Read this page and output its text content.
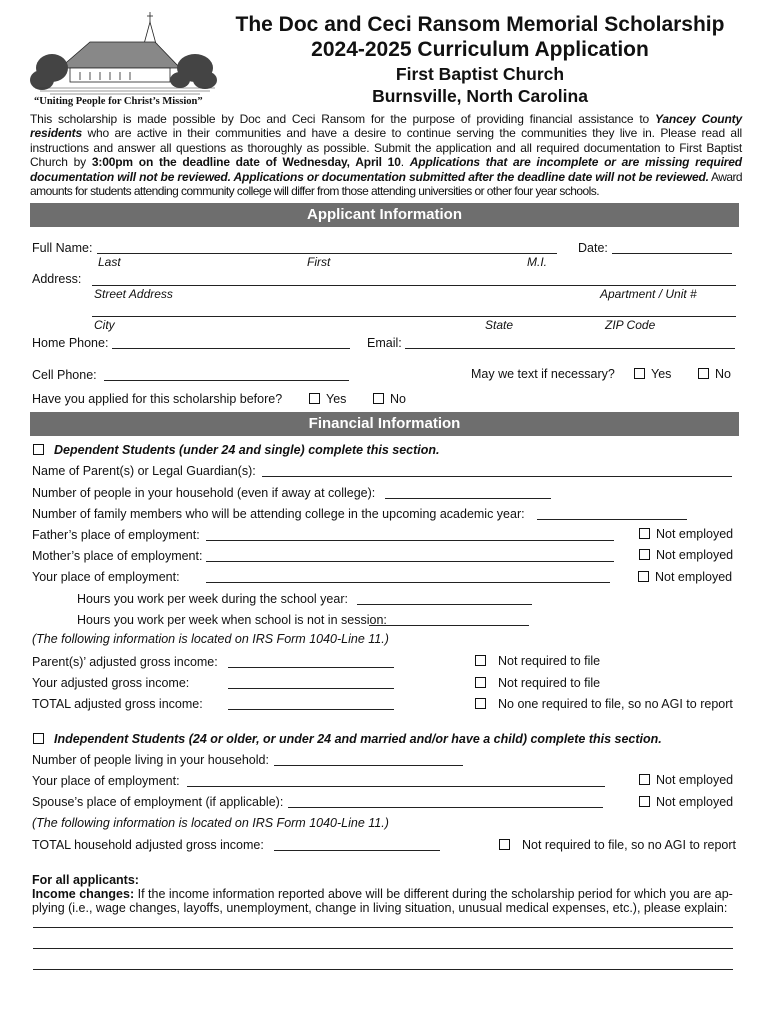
“Uniting People for Christ’s Mission”
The Doc and Ceci Ransom Memorial Scholarship
2024-2025 Curriculum Application
First Baptist Church
Burnsville, North Carolina
This scholarship is made possible by Doc and Ceci Ransom for the purpose of providing financial assistance to Yancey County residents who are active in their communities and have a desire to continue serving the communities they live in. Please read all instructions and answer all questions as thoroughly as possible. Submit the application and all required documentation to First Baptist Church by 3:00pm on the deadline date of Wednesday, April 10. Applications that are incomplete or are missing required documentation will not be reviewed. Applications or documentation submitted after the deadline date will not be reviewed. Award amounts for students attending community college will differ from those attending universities or other four year schools.
Applicant Information
Full Name:	Date:
Last	First	M.I.
Address:
Street Address	Apartment / Unit #
City	State	ZIP Code
Home Phone:	Email:
Cell Phone:	May we text if necessary?	Yes	No
Have you applied for this scholarship before?	Yes	No
Financial Information
Dependent Students (under 24 and single) complete this section.
Name of Parent(s) or Legal Guardian(s):
Number of people in your household (even if away at college):
Number of family members who will be attending college in the upcoming academic year:
Father’s place of employment:	Not employed
Mother’s place of employment:	Not employed
Your place of employment:	Not employed
Hours you work per week during the school year:
Hours you work per week when school is not in session:
(The following information is located on IRS Form 1040-Line 11.)
Parent(s)’ adjusted gross income:	Not required to file
Your adjusted gross income:	Not required to file
TOTAL adjusted gross income:	No one required to file, so no AGI to report
Independent Students (24 or older, or under 24 and married and/or have a child) complete this section.
Number of people living in your household:
Your place of employment:	Not employed
Spouse’s place of employment (if applicable):	Not employed
(The following information is located on IRS Form 1040-Line 11.)
TOTAL household adjusted gross income:	Not required to file, so no AGI to report
For all applicants:
Income changes: If the income information reported above will be different during the scholarship period for which you are ap-
plying (i.e., wage changes, layoffs, unemployment, change in living situation, unusual medical expenses, etc.), please explain:
